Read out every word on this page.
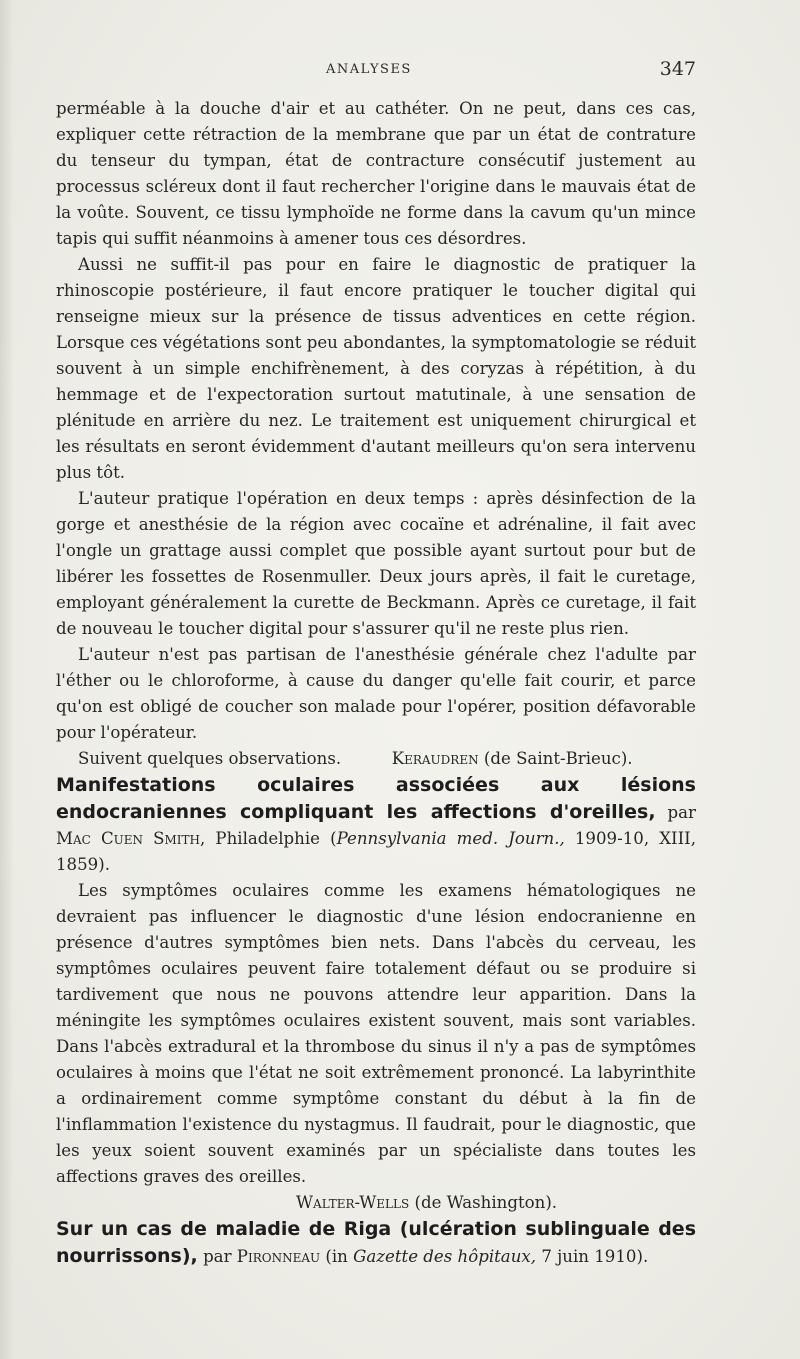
ANALYSES	347

perméable à la douche d'air et au cathéter. On ne peut, dans ces cas, expliquer cette rétraction de la membrane que par un état de contrature du tenseur du tympan, état de contracture consécutif justement au processus scléreux dont il faut rechercher l'origine dans le mauvais état de la voûte. Souvent, ce tissu lymphoïde ne forme dans la cavum qu'un mince tapis qui suffit néanmoins à amener tous ces désordres.

Aussi ne suffit-il pas pour en faire le diagnostic de pratiquer la rhinoscopie postérieure, il faut encore pratiquer le toucher digital qui renseigne mieux sur la présence de tissus adventices en cette région. Lorsque ces végétations sont peu abondantes, la symptomatologie se réduit souvent à un simple enchifrènement, à des coryzas à répétition, à du hemmage et de l'expectoration surtout matutinale, à une sensation de plénitude en arrière du nez. Le traitement est uniquement chirurgical et les résultats en seront évidemment d'autant meilleurs qu'on sera intervenu plus tôt.

L'auteur pratique l'opération en deux temps : après désinfection de la gorge et anesthésie de la région avec cocaïne et adrénaline, il fait avec l'ongle un grattage aussi complet que possible ayant surtout pour but de libérer les fossettes de Rosenmuller. Deux jours après, il fait le curetage, employant généralement la curette de Beckmann. Après ce curetage, il fait de nouveau le toucher digital pour s'assurer qu'il ne reste plus rien.

L'auteur n'est pas partisan de l'anesthésie générale chez l'adulte par l'éther ou le chloroforme, à cause du danger qu'elle fait courir, et parce qu'on est obligé de coucher son malade pour l'opérer, position défavorable pour l'opérateur.

Suivent quelques observations.	Keraudren (de Saint-Brieuc).

Manifestations oculaires associées aux lésions endocraniennes compliquant les affections d'oreilles, par Mac Cuen Smith, Philadelphie (Pennsylvania med. Journ., 1909-10, XIII, 1859).

Les symptômes oculaires comme les examens hématologiques ne devraient pas influencer le diagnostic d'une lésion endocranienne en présence d'autres symptômes bien nets. Dans l'abcès du cerveau, les symptômes oculaires peuvent faire totalement défaut ou se produire si tardivement que nous ne pouvons attendre leur apparition. Dans la méningite les symptômes oculaires existent souvent, mais sont variables. Dans l'abcès extradural et la thrombose du sinus il n'y a pas de symptômes oculaires à moins que l'état ne soit extrêmement prononcé. La labyrinthite a ordinairement comme symptôme constant du début à la fin de l'inflammation l'existence du nystagmus. Il faudrait, pour le diagnostic, que les yeux soient souvent examinés par un spécialiste dans toutes les affections graves des oreilles.

Walter-Wells (de Washington).

Sur un cas de maladie de Riga (ulcération sublinguale des nourrissons), par Pironneau (in Gazette des hôpitaux, 7 juin 1910).
